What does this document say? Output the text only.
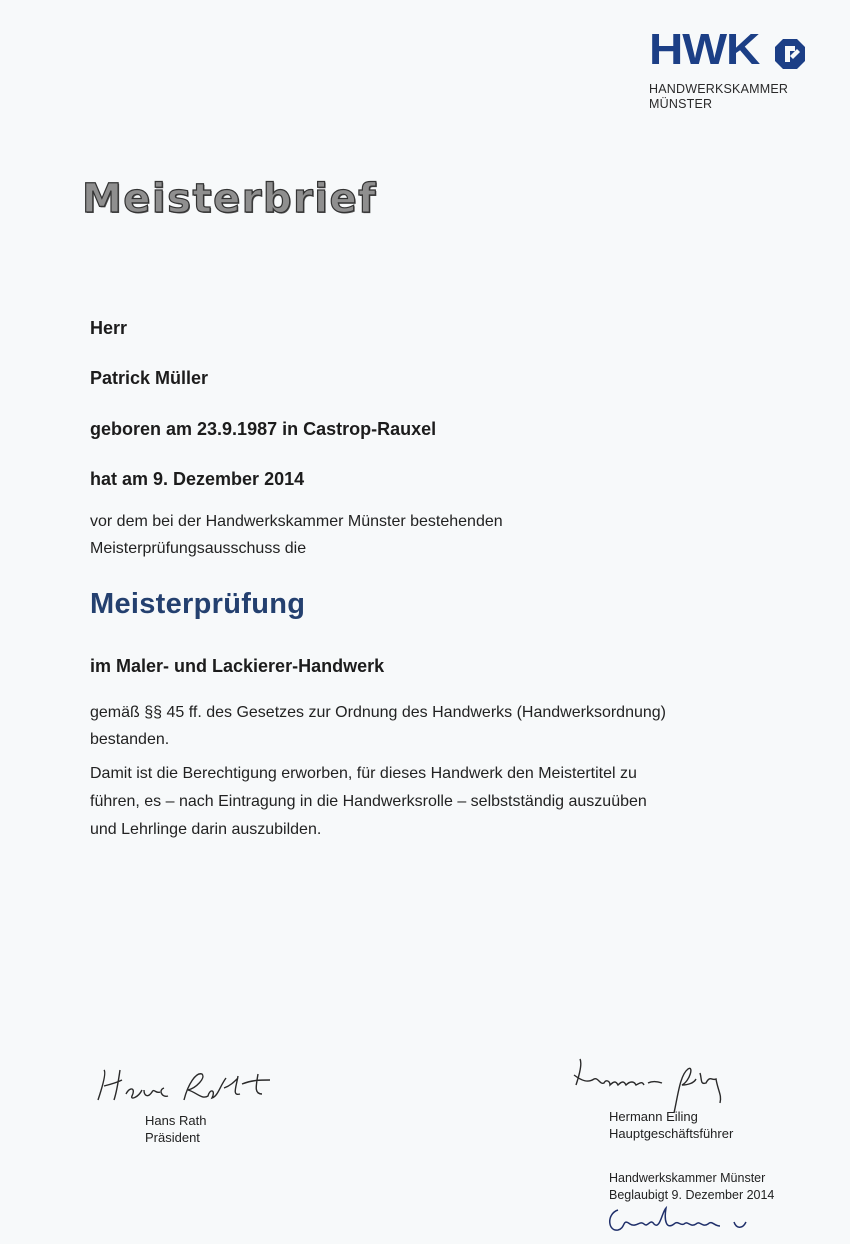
HWK
HANDWERKSKAMMER
MÜNSTER
Meisterbrief
Herr
Patrick Müller
geboren am 23.9.1987 in Castrop-Rauxel
hat am 9. Dezember 2014
vor dem bei der Handwerkskammer Münster bestehenden
Meisterprüfungsausschuss die
Meisterprüfung
im Maler- und Lackierer-Handwerk
gemäß §§ 45 ff. des Gesetzes zur Ordnung des Handwerks (Handwerksordnung)
bestanden.
Damit ist die Berechtigung erworben, für dieses Handwerk den Meistertitel zu
führen, es – nach Eintragung in die Handwerksrolle – selbstständig auszuüben
und Lehrlinge darin auszubilden.
Hans Rath
Präsident
Hermann Eiling
Hauptgeschäftsführer
Handwerkskammer Münster
Beglaubigt 9. Dezember 2014
